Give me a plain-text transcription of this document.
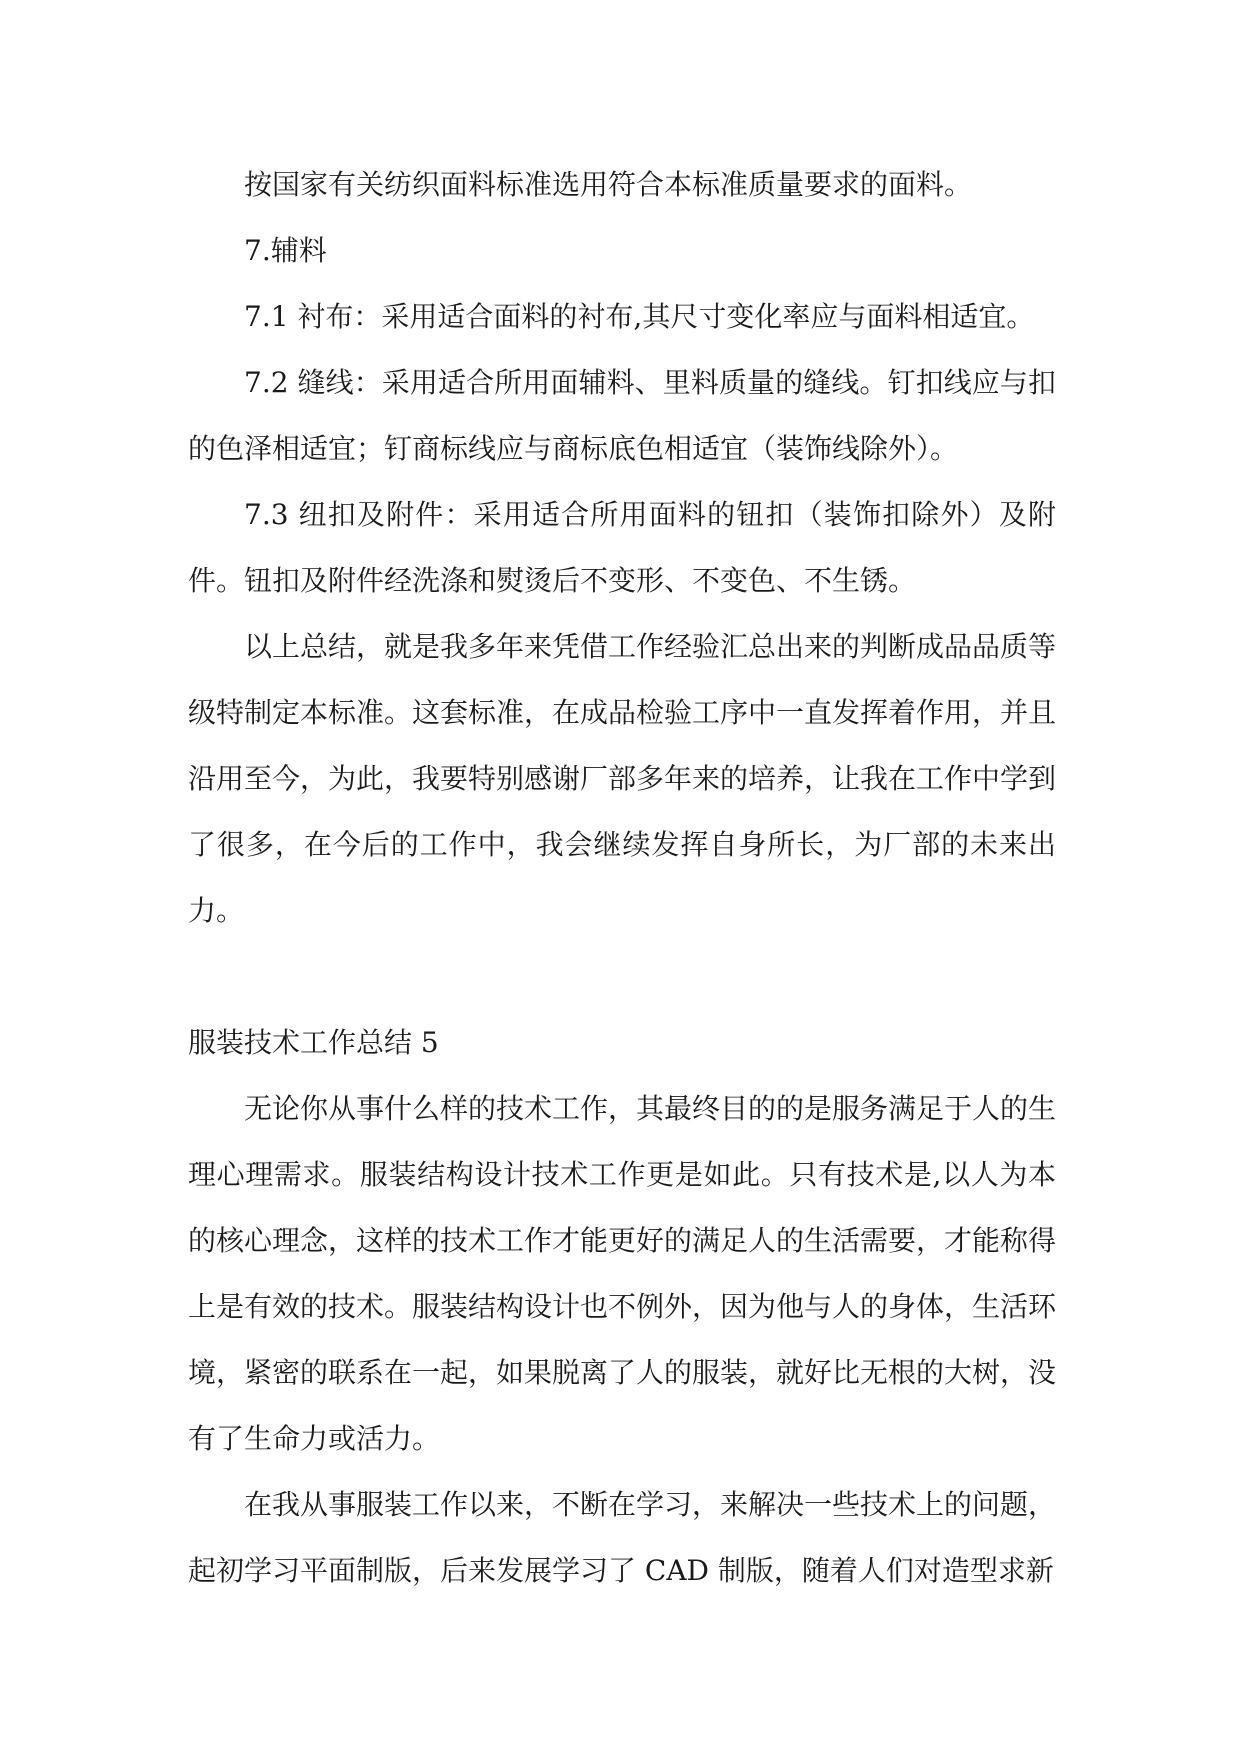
按国家有关纺织面料标准选用符合本标准质量要求的面料。

7.辅料

7.1 衬布：采用适合面料的衬布,其尺寸变化率应与面料相适宜。

7.2 缝线：采用适合所用面辅料、里料质量的缝线。钉扣线应与扣的色泽相适宜；钉商标线应与商标底色相适宜（装饰线除外）。

7.3 纽扣及附件：采用适合所用面料的钮扣（装饰扣除外）及附件。钮扣及附件经洗涤和熨烫后不变形、不变色、不生锈。

以上总结，就是我多年来凭借工作经验汇总出来的判断成品品质等级特制定本标准。这套标准，在成品检验工序中一直发挥着作用，并且沿用至今，为此，我要特别感谢厂部多年来的培养，让我在工作中学到了很多，在今后的工作中，我会继续发挥自身所长，为厂部的未来出力。

服装技术工作总结 5

无论你从事什么样的技术工作，其最终目的的是服务满足于人的生理心理需求。服装结构设计技术工作更是如此。只有技术是,以人为本的核心理念，这样的技术工作才能更好的满足人的生活需要，才能称得上是有效的技术。服装结构设计也不例外，因为他与人的身体，生活环境，紧密的联系在一起，如果脱离了人的服装，就好比无根的大树，没有了生命力或活力。

在我从事服装工作以来，不断在学习，来解决一些技术上的问题，起初学习平面制版，后来发展学习了 CAD 制版，随着人们对造型求新
